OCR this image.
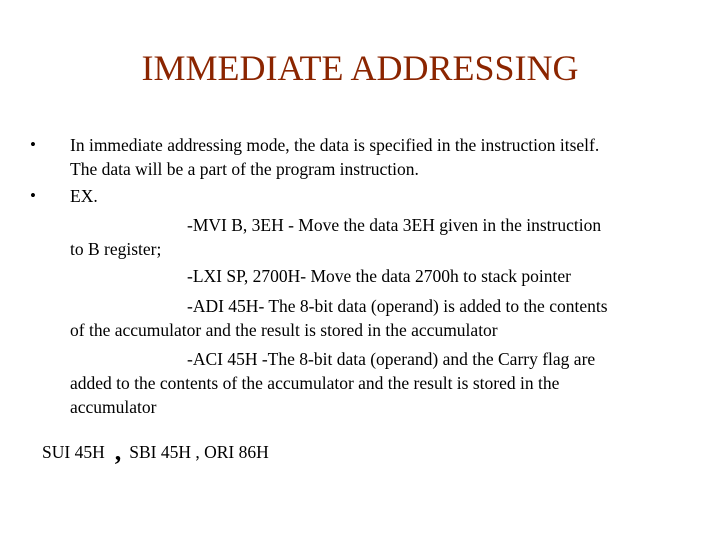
IMMEDIATE ADDRESSING
•	In immediate addressing mode, the data is specified in the instruction itself.
The data will be a part of the program instruction.
•	EX.
-MVI B, 3EH - Move the data 3EH given in the instruction
to B register;
-LXI SP, 2700H- Move the data 2700h to stack pointer
-ADI 45H- The 8-bit data (operand) is added to the contents
of the accumulator and the result is stored in the accumulator
-ACI 45H -The 8-bit data (operand) and the Carry flag are
added to the contents of the accumulator and the result is stored in the
accumulator
SUI 45H , SBI 45H , ORI 86H
